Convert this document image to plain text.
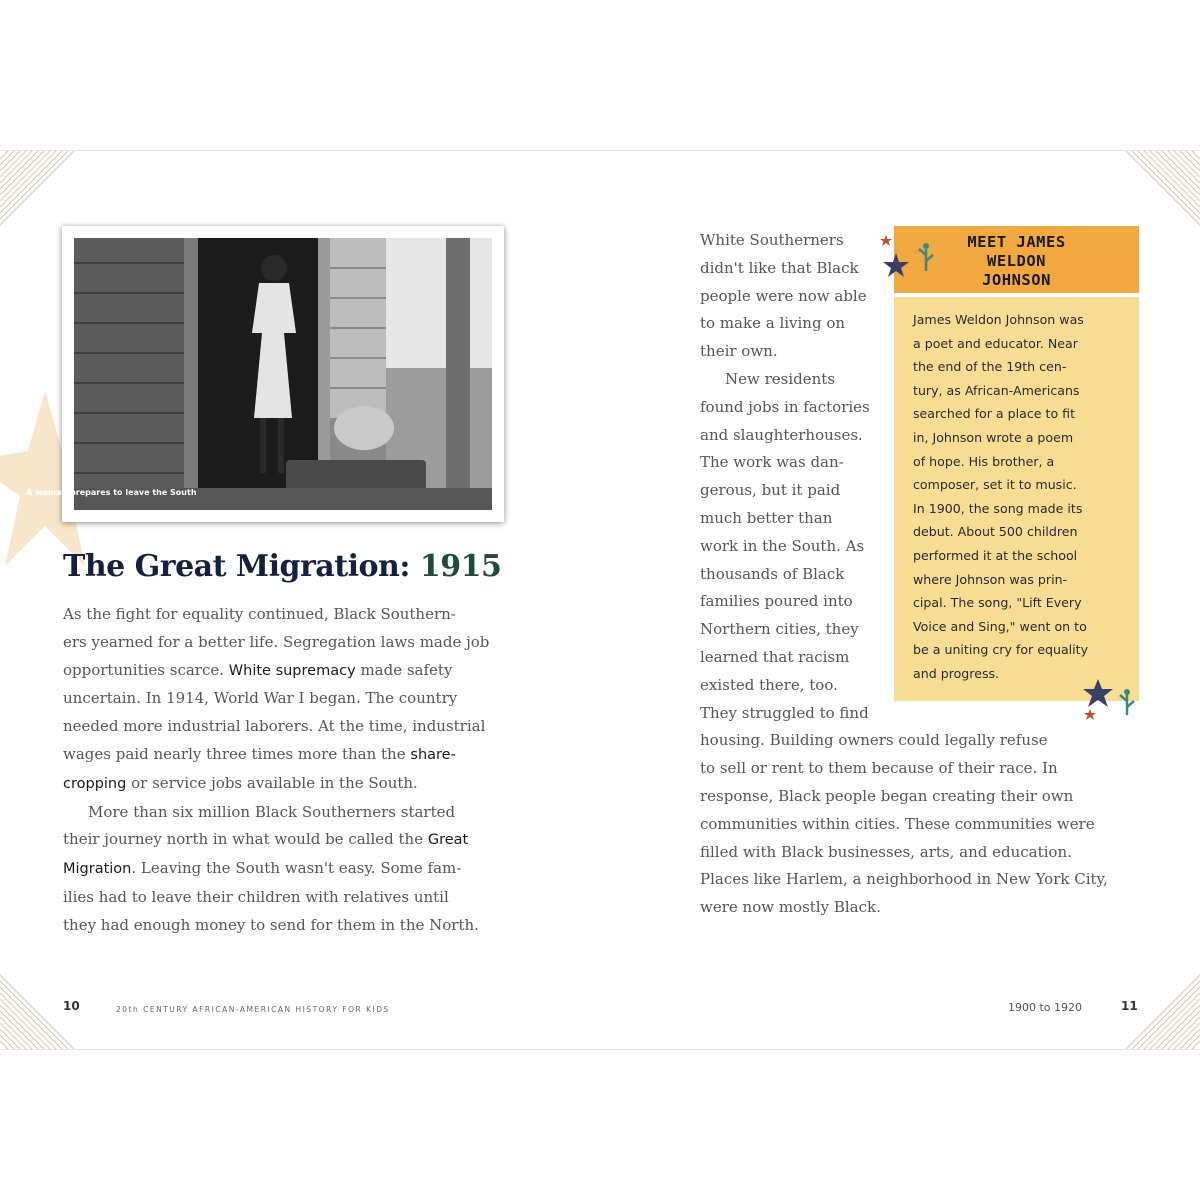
A woman prepares to leave the South
The Great Migration: 1915
As the fight for equality continued, Black Southern-
ers yearned for a better life. Segregation laws made job
opportunities scarce. White supremacy made safety
uncertain. In 1914, World War I began. The country
needed more industrial laborers. At the time, industrial
wages paid nearly three times more than the share-
cropping or service jobs available in the South.
More than six million Black Southerners started
their journey north in what would be called the Great
Migration. Leaving the South wasn't easy. Some fam-
ilies had to leave their children with relatives until
they had enough money to send for them in the North.
10	20th CENTURY AFRICAN-AMERICAN HISTORY FOR KIDS
White Southerners
didn't like that Black
people were now able
to make a living on
their own.
New residents
found jobs in factories
and slaughterhouses.
The work was dan-
gerous, but it paid
much better than
work in the South. As
thousands of Black
families poured into
Northern cities, they
learned that racism
existed there, too.
They struggled to find
housing. Building owners could legally refuse
to sell or rent to them because of their race. In
response, Black people began creating their own
communities within cities. These communities were
filled with Black businesses, arts, and education.
Places like Harlem, a neighborhood in New York City,
were now mostly Black.
MEET JAMES
WELDON
JOHNSON
James Weldon Johnson was
a poet and educator. Near
the end of the 19th cen-
tury, as African-Americans
searched for a place to fit
in, Johnson wrote a poem
of hope. His brother, a
composer, set it to music.
In 1900, the song made its
debut. About 500 children
performed it at the school
where Johnson was prin-
cipal. The song, "Lift Every
Voice and Sing," went on to
be a uniting cry for equality
and progress.
1900 to 1920	11
